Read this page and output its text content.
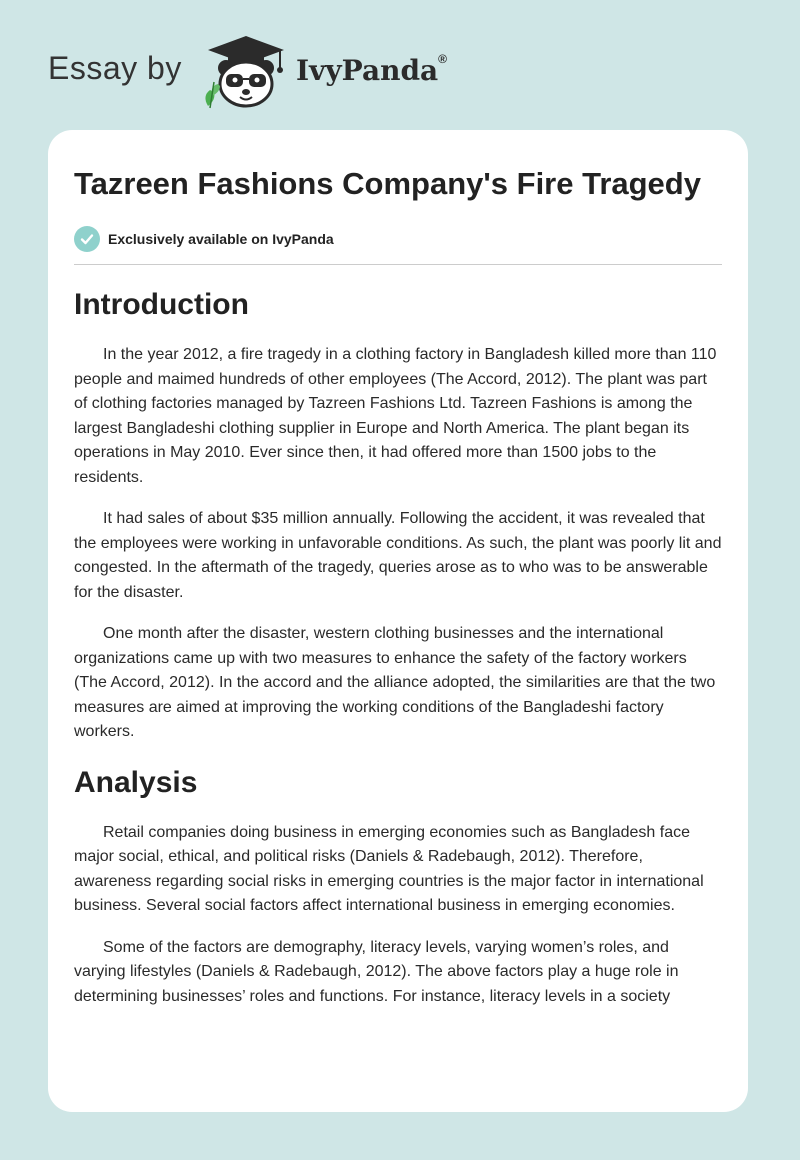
Essay by	IvyPanda®
Tazreen Fashions Company's Fire Tragedy
Exclusively available on IvyPanda
Introduction

In the year 2012, a fire tragedy in a clothing factory in Bangladesh killed more than 110 people and maimed hundreds of other employees (The Accord, 2012). The plant was part of clothing factories managed by Tazreen Fashions Ltd. Tazreen Fashions is among the largest Bangladeshi clothing supplier in Europe and North America. The plant began its operations in May 2010. Ever since then, it had offered more than 1500 jobs to the residents.

It had sales of about $35 million annually. Following the accident, it was revealed that the employees were working in unfavorable conditions. As such, the plant was poorly lit and congested. In the aftermath of the tragedy, queries arose as to who was to be answerable for the disaster.

One month after the disaster, western clothing businesses and the international organizations came up with two measures to enhance the safety of the factory workers (The Accord, 2012). In the accord and the alliance adopted, the similarities are that the two measures are aimed at improving the working conditions of the Bangladeshi factory workers.

Analysis

Retail companies doing business in emerging economies such as Bangladesh face major social, ethical, and political risks (Daniels & Radebaugh, 2012). Therefore, awareness regarding social risks in emerging countries is the major factor in international business. Several social factors affect international business in emerging economies.

Some of the factors are demography, literacy levels, varying women’s roles, and varying lifestyles (Daniels & Radebaugh, 2012). The above factors play a huge role in determining businesses’ roles and functions. For instance, literacy levels in a society
